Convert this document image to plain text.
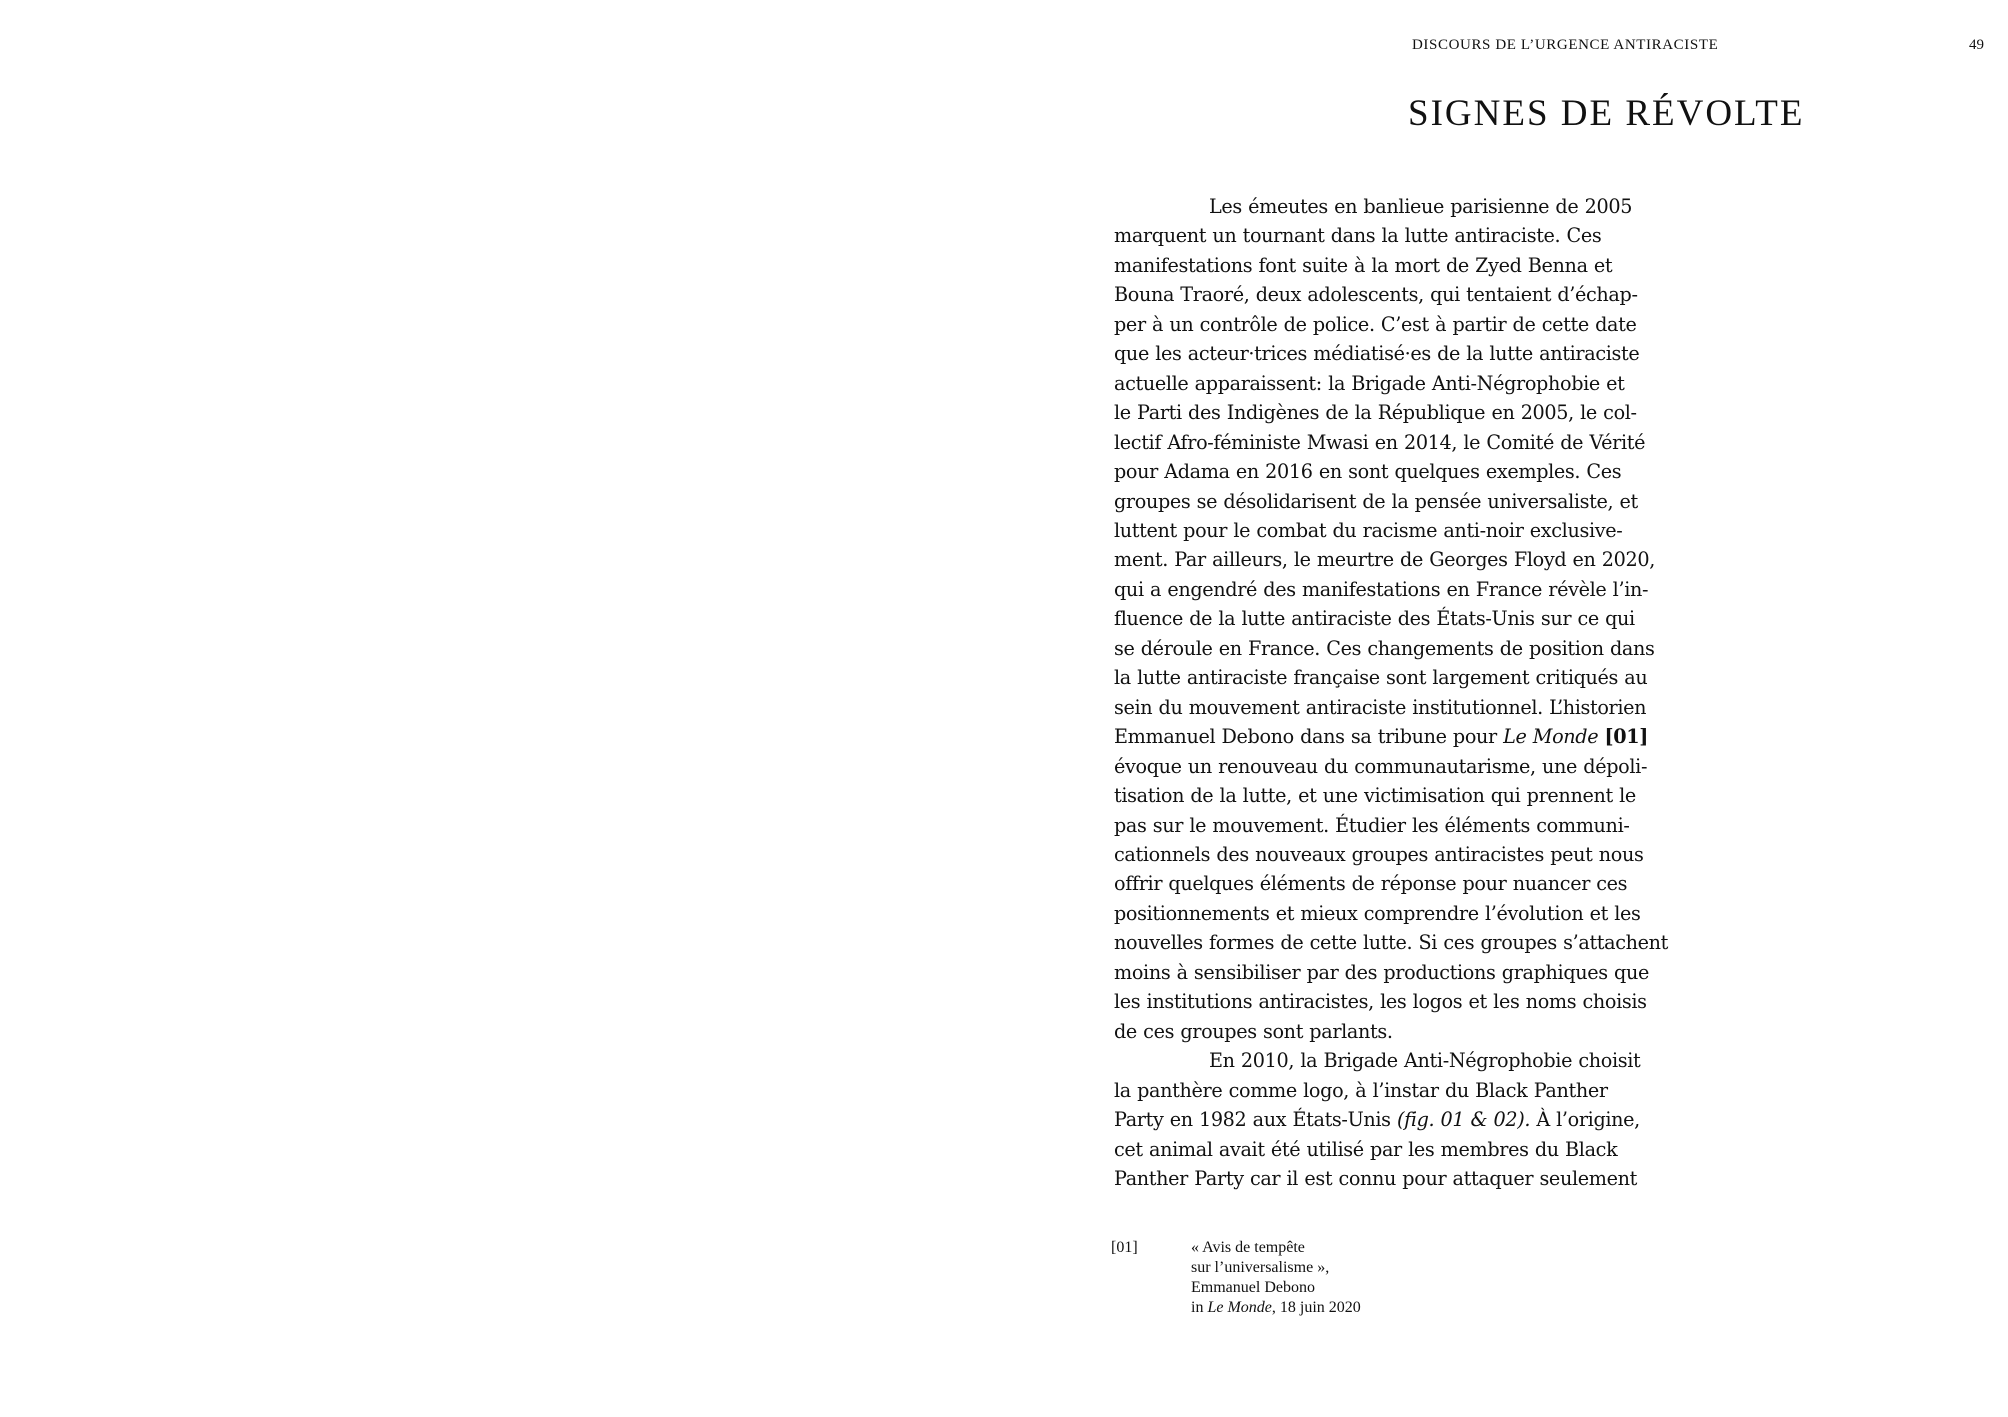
DISCOURS DE L’URGENCE ANTIRACISTE	49
SIGNES DE RÉVOLTE
Les émeutes en banlieue parisienne de 2005
marquent un tournant dans la lutte antiraciste. Ces
manifestations font suite à la mort de Zyed Benna et
Bouna Traoré, deux adolescents, qui tentaient d’échap-
per à un contrôle de police. C’est à partir de cette date
que les acteur·trices médiatisé·es de la lutte antiraciste
actuelle apparaissent: la Brigade Anti-Négrophobie et
le Parti des Indigènes de la République en 2005, le col-
lectif Afro-féministe Mwasi en 2014, le Comité de Vérité
pour Adama en 2016 en sont quelques exemples. Ces
groupes se désolidarisent de la pensée universaliste, et
luttent pour le combat du racisme anti-noir exclusive-
ment. Par ailleurs, le meurtre de Georges Floyd en 2020,
qui a engendré des manifestations en France révèle l’in-
fluence de la lutte antiraciste des États-Unis sur ce qui
se déroule en France. Ces changements de position dans
la lutte antiraciste française sont largement critiqués au
sein du mouvement antiraciste institutionnel. L’historien
Emmanuel Debono dans sa tribune pour Le Monde [01]
évoque un renouveau du communautarisme, une dépoli-
tisation de la lutte, et une victimisation qui prennent le
pas sur le mouvement. Étudier les éléments communi-
cationnels des nouveaux groupes antiracistes peut nous
offrir quelques éléments de réponse pour nuancer ces
positionnements et mieux comprendre l’évolution et les
nouvelles formes de cette lutte. Si ces groupes s’attachent
moins à sensibiliser par des productions graphiques que
les institutions antiracistes, les logos et les noms choisis
de ces groupes sont parlants.
En 2010, la Brigade Anti-Négrophobie choisit
la panthère comme logo, à l’instar du Black Panther
Party en 1982 aux États-Unis (fig. 01 & 02). À l’origine,
cet animal avait été utilisé par les membres du Black
Panther Party car il est connu pour attaquer seulement
[01]	« Avis de tempête
sur l’universalisme »,
Emmanuel Debono
in Le Monde, 18 juin 2020
